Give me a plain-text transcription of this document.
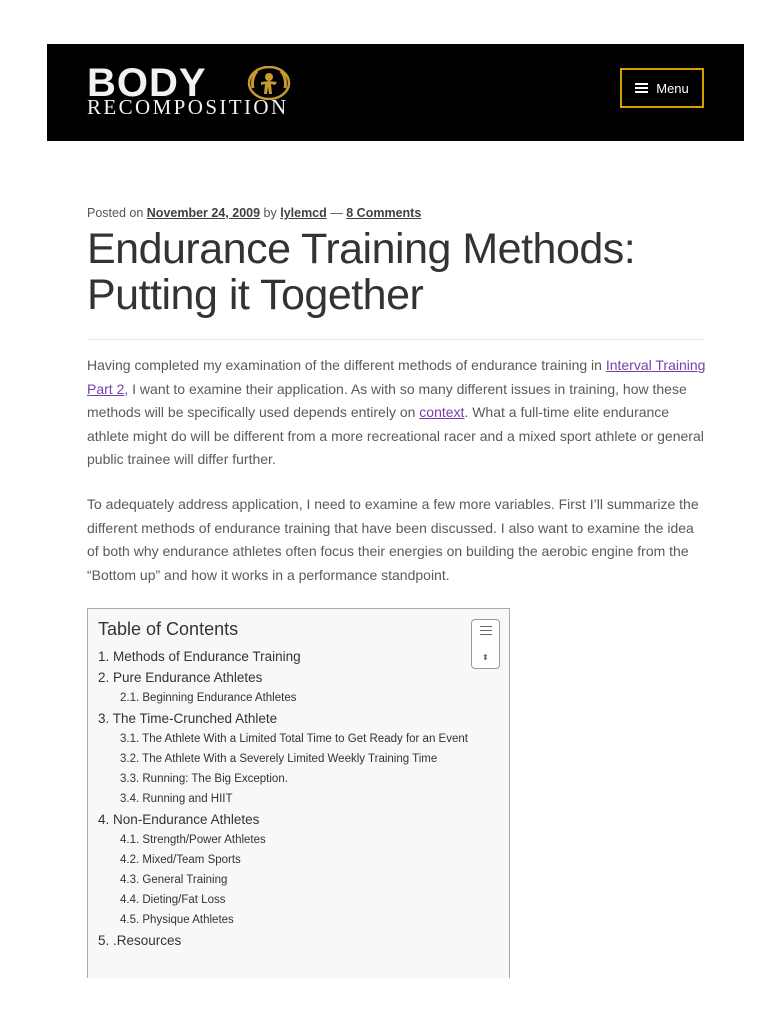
BODY
RECOMPOSITION
Menu
Posted on November 24, 2009 by lylemcd — 8 Comments
Endurance Training Methods: Putting it Together

Having completed my examination of the different methods of endurance training in Interval Training Part 2, I want to examine their application. As with so many different issues in training, how these methods will be specifically used depends entirely on context. What a full-time elite endurance athlete might do will be different from a more recreational racer and a mixed sport athlete or general public trainee will differ further.

To adequately address application, I need to examine a few more variables. First I’ll summarize the different methods of endurance training that have been discussed. I also want to examine the idea of both why endurance athletes often focus their energies on building the aerobic engine from the “Bottom up” and how it works in a performance standpoint.

Table of Contents
⬍
1. Methods of Endurance Training
2. Pure Endurance Athletes
2.1. Beginning Endurance Athletes
3. The Time-Crunched Athlete
3.1. The Athlete With a Limited Total Time to Get Ready for an Event
3.2. The Athlete With a Severely Limited Weekly Training Time
3.3. Running: The Big Exception.
3.4. Running and HIIT
4. Non-Endurance Athletes
4.1. Strength/Power Athletes
4.2. Mixed/Team Sports
4.3. General Training
4.4. Dieting/Fat Loss
4.5. Physique Athletes
5. .Resources
